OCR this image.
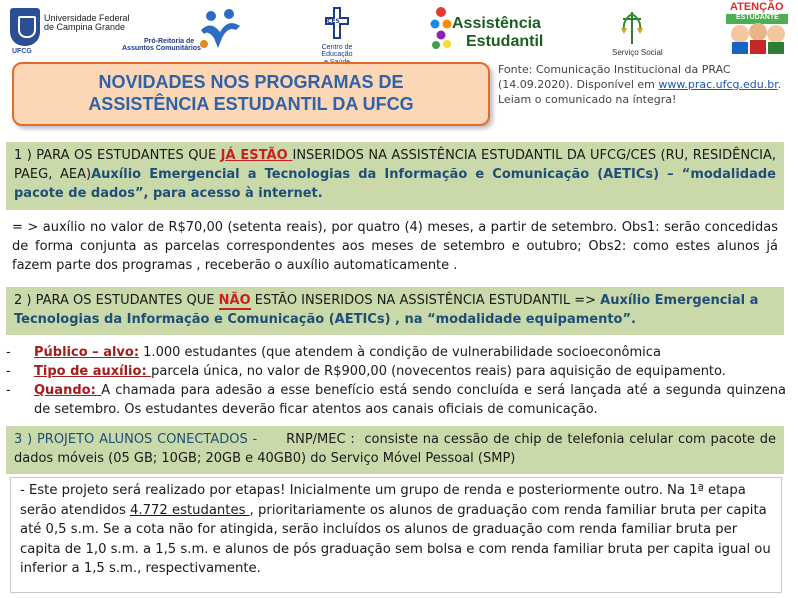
UFCG
Universidade Federal
de Campina Grande
Pró-Reitoria de
Assuntos Comunitários
CES
Centro de Educação
Assistência
Estudantil
Serviço Social
ATENÇÃO
ESTUDANTE
NOVIDADES NOS PROGRAMAS DE
ASSISTÊNCIA ESTUDANTIL DA UFCG
Fonte: Comunicação Institucional da PRAC
(14.09.2020). Disponível em www.prac.ufcg.edu.br.
Leiam o comunicado na íntegra!
1 ) PARA OS ESTUDANTES QUE JÁ ESTÃO INSERIDOS NA ASSISTÊNCIA ESTUDANTIL DA UFCG/CES (RU, RESIDÊNCIA, PAEG, AEA)Auxílio Emergencial a Tecnologias da Informação e Comunicação (AETICs) – “modalidade pacote de dados”, para acesso à internet.
= > auxílio no valor de R$70,00 (setenta reais), por quatro (4) meses, a partir de setembro. Obs1: serão concedidas de forma conjunta as parcelas correspondentes aos meses de setembro e outubro; Obs2: como estes alunos já fazem parte dos programas , receberão o auxílio automaticamente .
2 ) PARA OS ESTUDANTES QUE NÃO ESTÃO INSERIDOS NA ASSISTÊNCIA ESTUDANTIL => Auxílio Emergencial a Tecnologias da Informação e Comunicação (AETICs) , na “modalidade equipamento”.
-	Público – alvo: 1.000 estudantes (que atendem à condição de vulnerabilidade socioeconômica
-	Tipo de auxílio: parcela única, no valor de R$900,00 (novecentos reais) para aquisição de equipamento.
-	Quando: A chamada para adesão a esse benefício está sendo concluída e será lançada até a segunda quinzena de setembro. Os estudantes deverão ficar atentos aos canais oficiais de comunicação.
3 ) PROJETO ALUNOS CONECTADOS -      RNP/MEC :  consiste na cessão de chip de telefonia celular com pacote de dados móveis (05 GB; 10GB; 20GB e 40GB0) do Serviço Móvel Pessoal (SMP)
- Este projeto será realizado por etapas! Inicialmente um grupo de renda e posteriormente outro. Na 1ª etapa serão atendidos 4.772 estudantes , prioritariamente os alunos de graduação com renda familiar bruta per capita até 0,5 s.m. Se a cota não for atingida, serão incluídos os alunos de graduação com renda familiar bruta per capita de 1,0 s.m. a 1,5 s.m. e alunos de pós graduação sem bolsa e com renda familiar bruta per capita igual ou inferior a 1,5 s.m., respectivamente.
